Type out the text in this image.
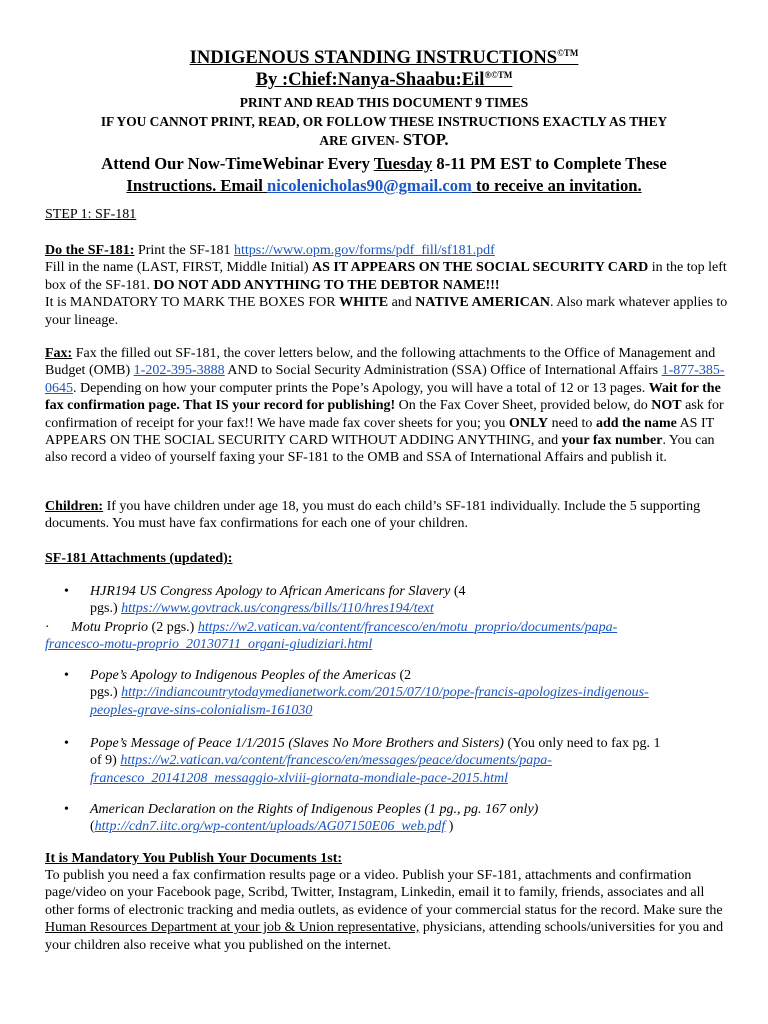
INDIGENOUS STANDING $INSTRUCTIONS^{©TM}$
By :Chief:Nanya-Shaabu:Eil$^{®©TM}$
PRINT AND READ THIS DOCUMENT 9 TIMES
IF YOU CANNOT PRINT, READ, OR FOLLOW THESE INSTRUCTIONS EXACTLY AS THEY
ARE GIVEN- STOP.
Attend Our Now-TimeWebinar Every Tuesday 8-11 PM EST to Complete These
Instructions. Email nicolenicholas90@gmail.com to receive an invitation.
STEP 1: SF-181

Do the SF-181: Print the SF-181 https://www.opm.gov/forms/pdf_fill/sf181.pdf

Fill in the name (LAST, FIRST, Middle Initial) AS IT APPEARS ON THE SOCIAL SECURITY CARD in the top left box of the SF-181. DO NOT ADD ANYTHING TO THE DEBTOR NAME!!!

It is MANDATORY TO MARK THE BOXES FOR WHITE and NATIVE AMERICAN. Also mark whatever applies to your lineage.

Fax: Fax the filled out SF-181, the cover letters below, and the following attachments to the Office of Management and Budget (OMB) 1-202-395-3888 AND to Social Security Administration (SSA) Office of International Affairs 1-877-385-0645. Depending on how your computer prints the Pope’s Apology, you will have a total of 12 or 13 pages. Wait for the fax confirmation page. That IS your record for publishing! On the Fax Cover Sheet, provided below, do NOT ask for confirmation of receipt for your fax!! We have made fax cover sheets for you; you ONLY need to add the name AS IT APPEARS ON THE SOCIAL SECURITY CARD WITHOUT ADDING ANYTHING, and your fax number. You can also record a video of yourself faxing your SF-181 to the OMB and SSA of International Affairs and publish it.

Children: If you have children under age 18, you must do each child’s SF-181 individually. Include the 5 supporting documents. You must have fax confirmations for each one of your children.

SF-181 Attachments (updated):
• HJR194 US Congress Apology to African Americans for Slavery (4
pgs.) https://www.govtrack.us/congress/bills/110/hres194/text
· Motu Proprio (2 pgs.) https://w2.vatican.va/content/francesco/en/motu_proprio/documents/papa-
francesco-motu-proprio_20130711_organi-giudiziari.html
• Pope’s Apology to Indigenous Peoples of the Americas (2
pgs.) http://indiancountrytodaymedianetwork.com/2015/07/10/pope-francis-apologizes-indigenous-
peoples-grave-sins-colonialism-161030
• Pope’s Message of Peace 1/1/2015 (Slaves No More Brothers and Sisters) (You only need to fax pg. 1
of 9) https://w2.vatican.va/content/francesco/en/messages/peace/documents/papa-
francesco_20141208_messaggio-xlviii-giornata-mondiale-pace-2015.html
• American Declaration on the Rights of Indigenous Peoples (1 pg., pg. 167 only)
(http://cdn7.iitc.org/wp-content/uploads/AG07150E06_web.pdf )
It is Mandatory You Publish Your Documents 1st:

To publish you need a fax confirmation results page or a video. Publish your SF-181, attachments and confirmation page/video on your Facebook page, Scribd, Twitter, Instagram, Linkedin, email it to family, friends, associates and all other forms of electronic tracking and media outlets, as evidence of your commercial status for the record. Make sure the Human Resources Department at your job & Union representative, physicians, attending schools/universities for you and your children also receive what you published on the internet.
